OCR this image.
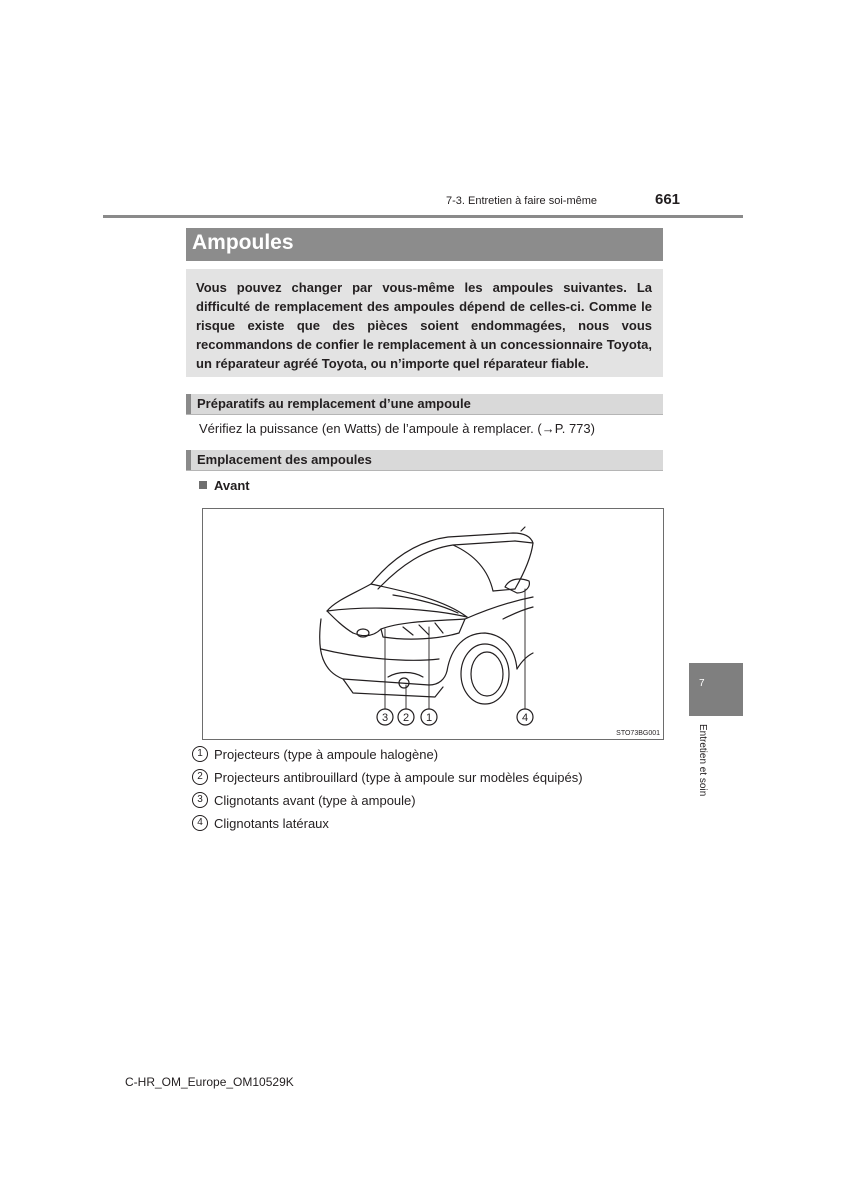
7-3. Entretien à faire soi-même	661
Ampoules

Vous pouvez changer par vous-même les ampoules suivantes. La difficulté de remplacement des ampoules dépend de celles-ci. Comme le risque existe que des pièces soient endommagées, nous vous recommandons de confier le remplacement à un concessionnaire Toyota, un réparateur agréé Toyota, ou n’importe quel réparateur fiable.

Préparatifs au remplacement d’une ampoule
Vérifiez la puissance (en Watts) de l’ampoule à remplacer. (→P. 773)
Emplacement des ampoules
Avant
3 2 1	4
STO73BG001
1 Projecteurs (type à ampoule halogène)
2 Projecteurs antibrouillard (type à ampoule sur modèles équipés)
3 Clignotants avant (type à ampoule)
4 Clignotants latéraux
7
Entretien et soin
C-HR_OM_Europe_OM10529K
